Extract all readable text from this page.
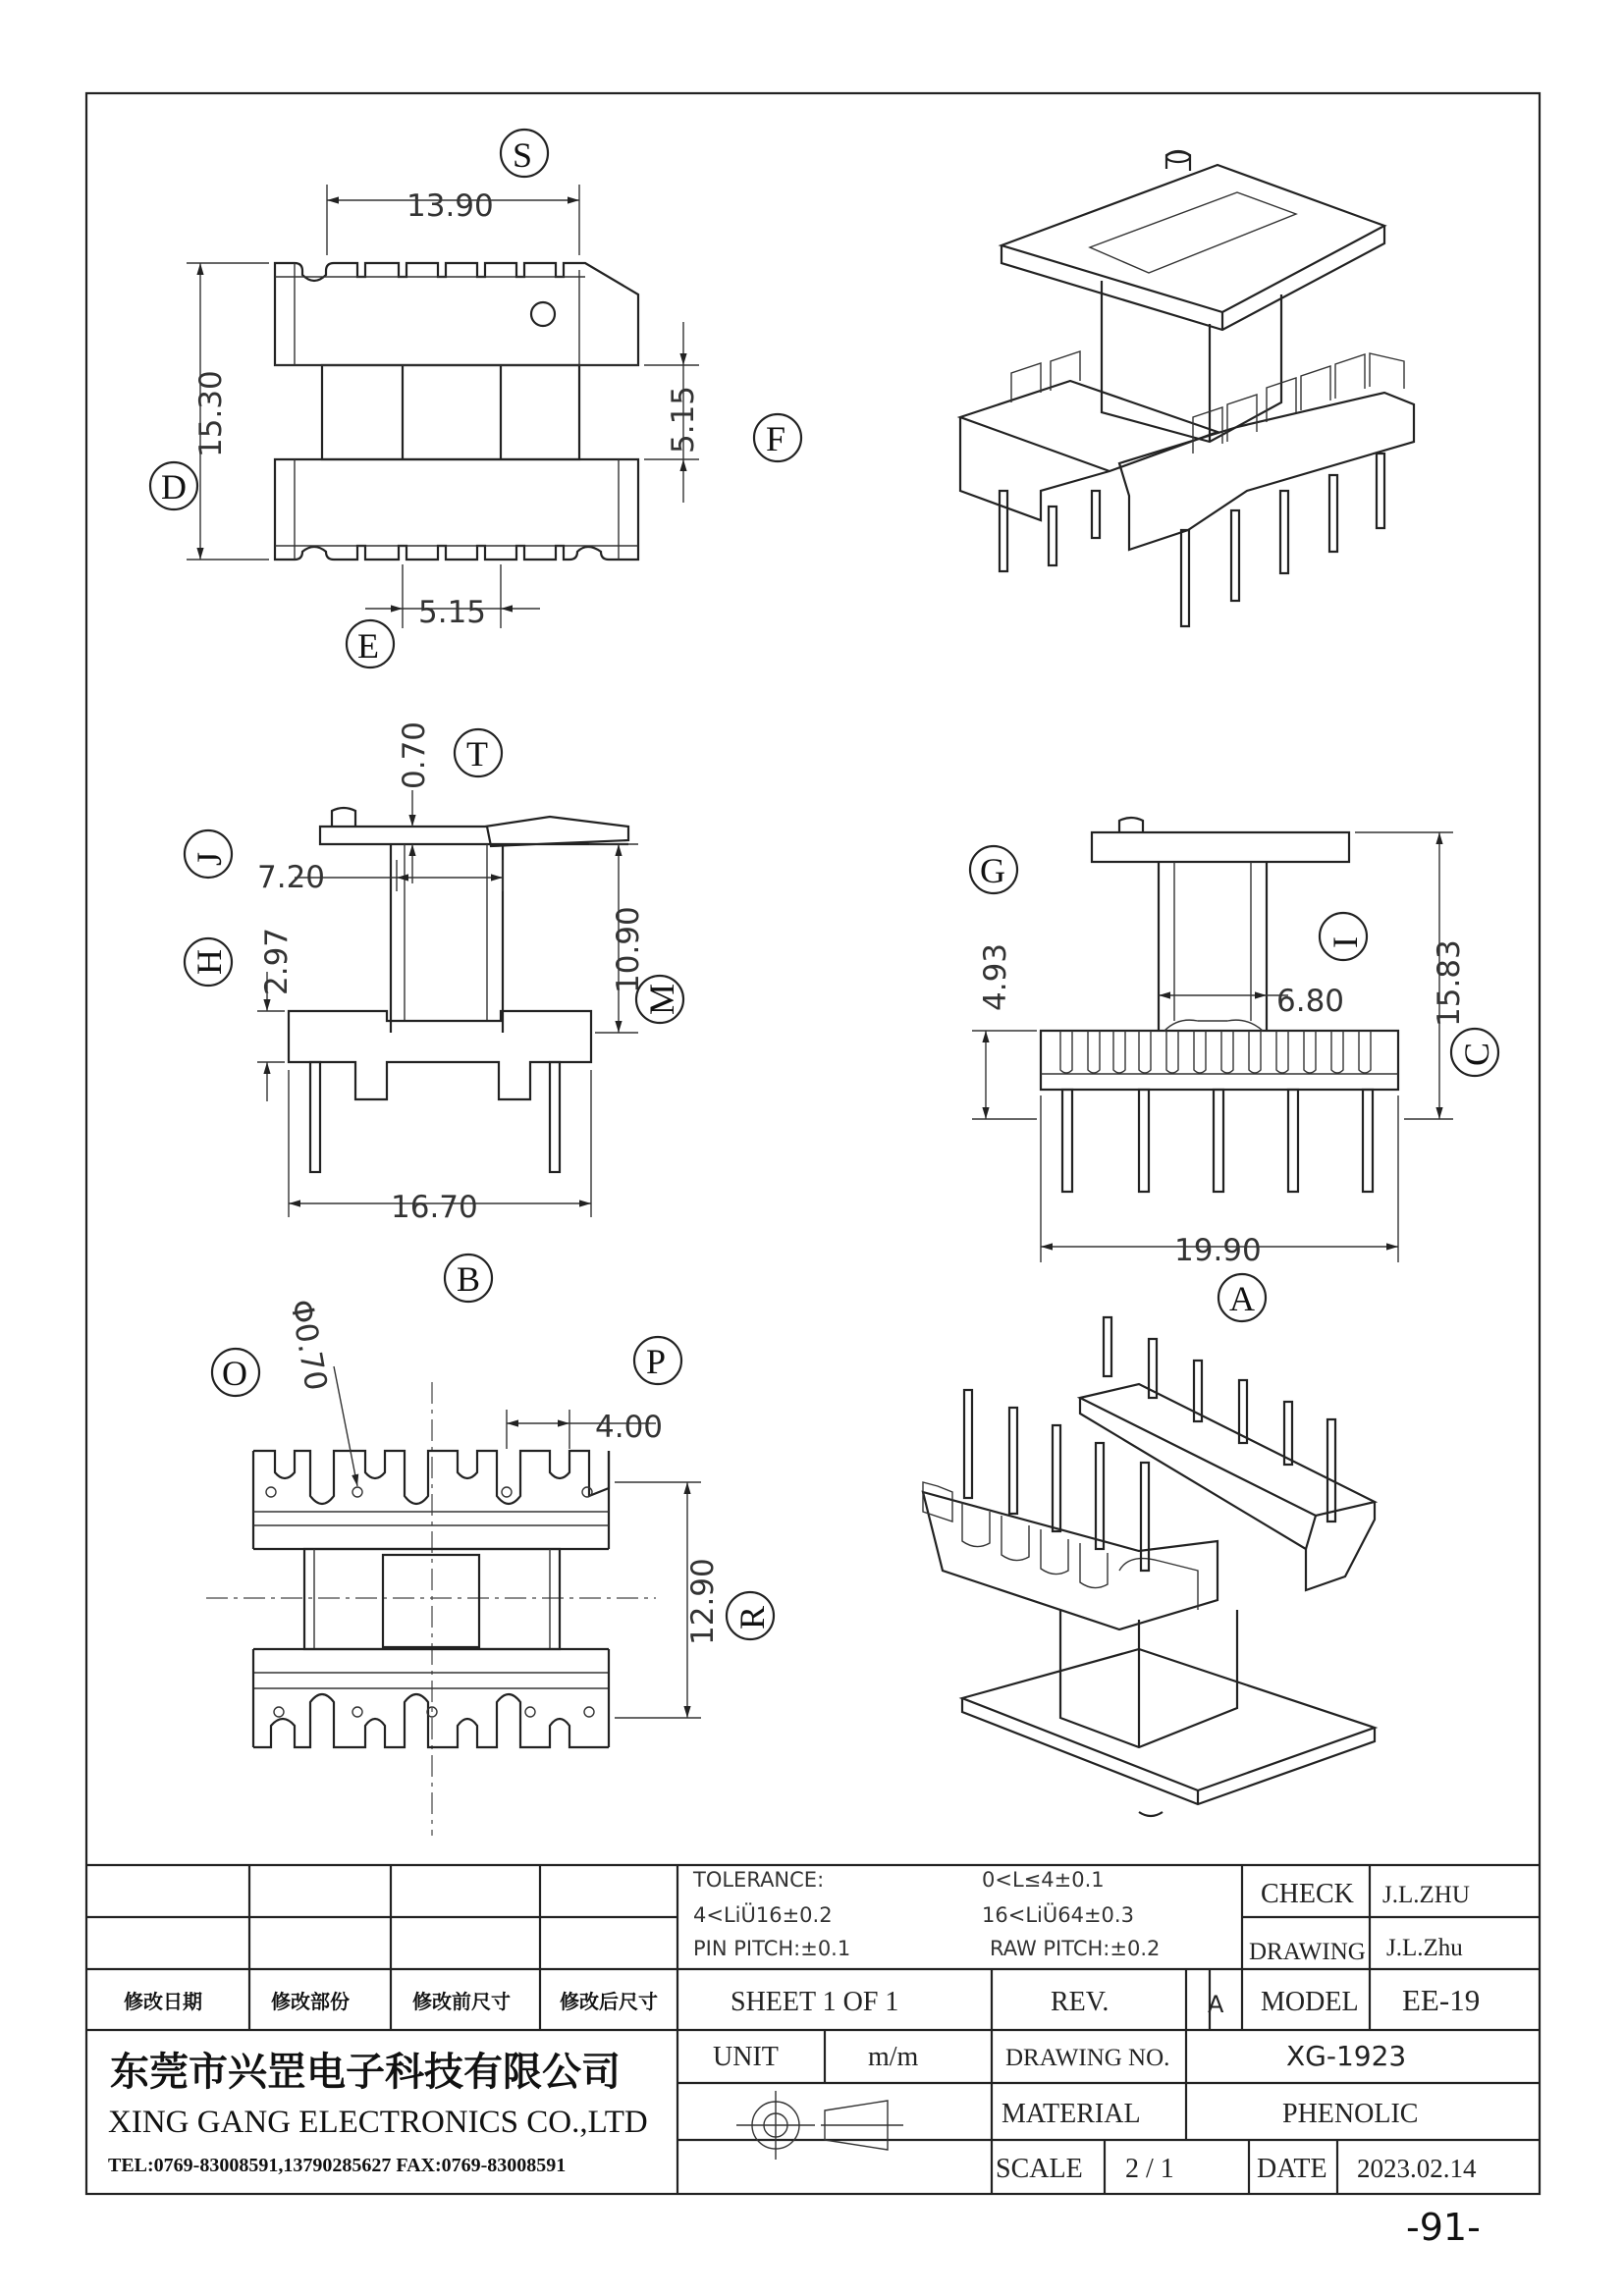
13.90
S
15.30
D
5.15 F
5.15
E
0.70 T
7.20
J
2.97
H	10.90
M
16.70
B
4.93
G
6.80
I 15.83
C
19.90
A
Φ0.70
O
4.00
P
12.90 R
TOLERANCE:	0<L≤4±0.1
4<LiÜ16±0.2	16<LiÜ64±0.3
PIN PITCH:±0.1	RAW PITCH:±0.2
CHECK J.L.ZHU
DRAWING J.L.Zhu
修改日期	修改部份	修改前尺寸	修改后尺寸	SHEET 1 OF 1	REV.	A MODEL EE-19
UNIT	m/m	DRAWING NO.	XG-1923
MATERIAL	PHENOLIC
SCALE 2 / 1	DATE 2023.02.14
东莞市兴罡电子科技有限公司
XING GANG ELECTRONICS CO.,LTD
TEL:0769-83008591,13790285627 FAX:0769-83008591
-91-
